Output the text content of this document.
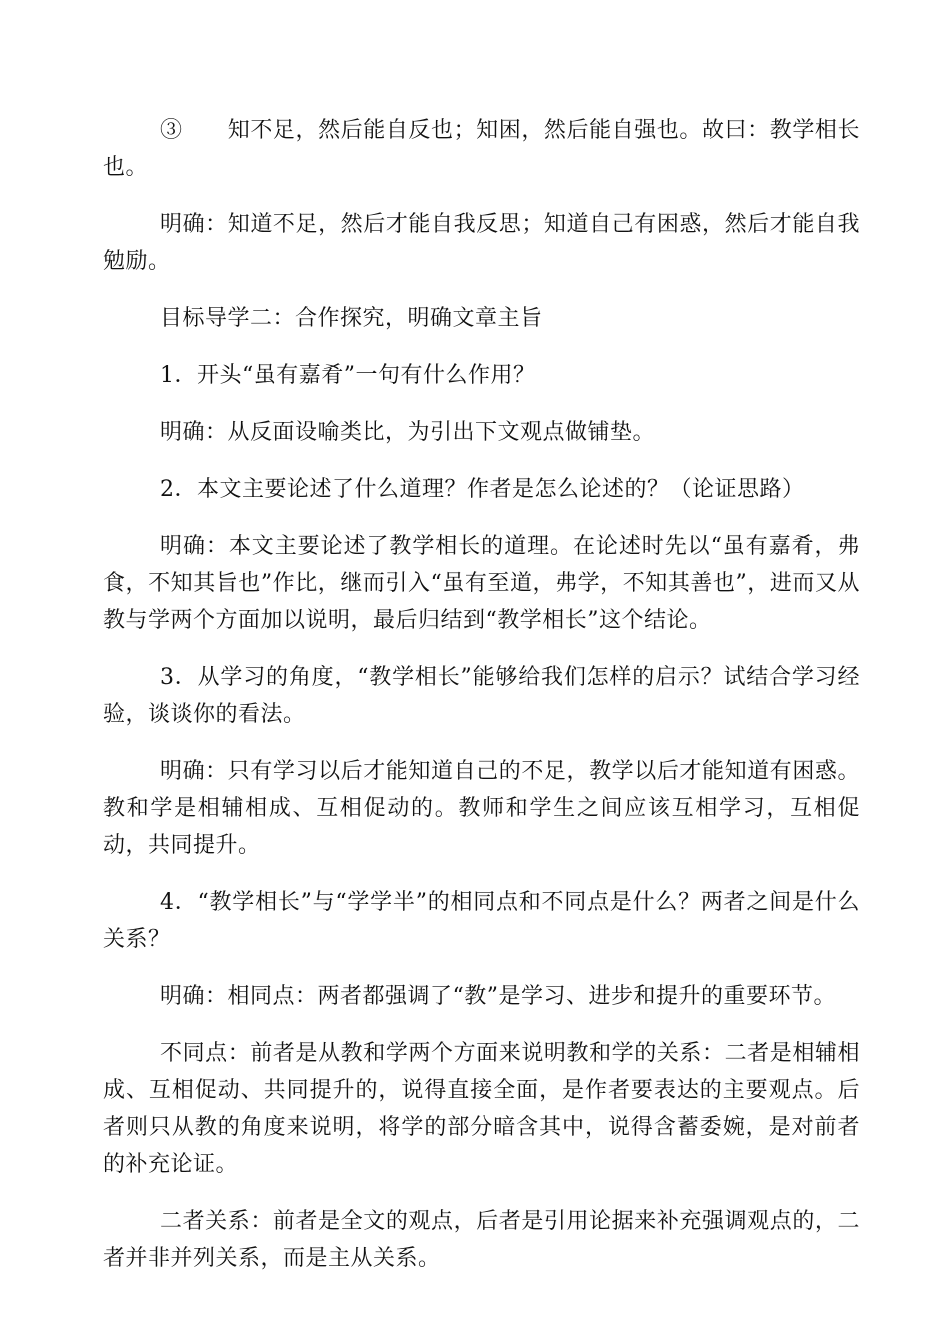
③　　知不足，然后能自反也；知困，然后能自强也。故曰：教学相长也。

明确：知道不足，然后才能自我反思；知道自己有困惑，然后才能自我勉励。

目标导学二：合作探究，明确文章主旨

1．开头“虽有嘉肴”一句有什么作用？

明确：从反面设喻类比，为引出下文观点做铺垫。

2．本文主要论述了什么道理？作者是怎么论述的？（论证思路）

明确：本文主要论述了教学相长的道理。在论述时先以“虽有嘉肴，弗食，不知其旨也”作比，继而引入“虽有至道，弗学，不知其善也”，进而又从教与学两个方面加以说明，最后归结到“教学相长”这个结论。

3．从学习的角度，“教学相长”能够给我们怎样的启示？试结合学习经验，谈谈你的看法。

明确：只有学习以后才能知道自己的不足，教学以后才能知道有困惑。教和学是相辅相成、互相促动的。教师和学生之间应该互相学习，互相促动，共同提升。

4．“教学相长”与“学学半”的相同点和不同点是什么？两者之间是什么关系？

明确：相同点：两者都强调了“教”是学习、进步和提升的重要环节。

不同点：前者是从教和学两个方面来说明教和学的关系：二者是相辅相成、互相促动、共同提升的，说得直接全面，是作者要表达的主要观点。后者则只从教的角度来说明，将学的部分暗含其中，说得含蓄委婉，是对前者的补充论证。

二者关系：前者是全文的观点，后者是引用论据来补充强调观点的，二者并非并列关系，而是主从关系。
